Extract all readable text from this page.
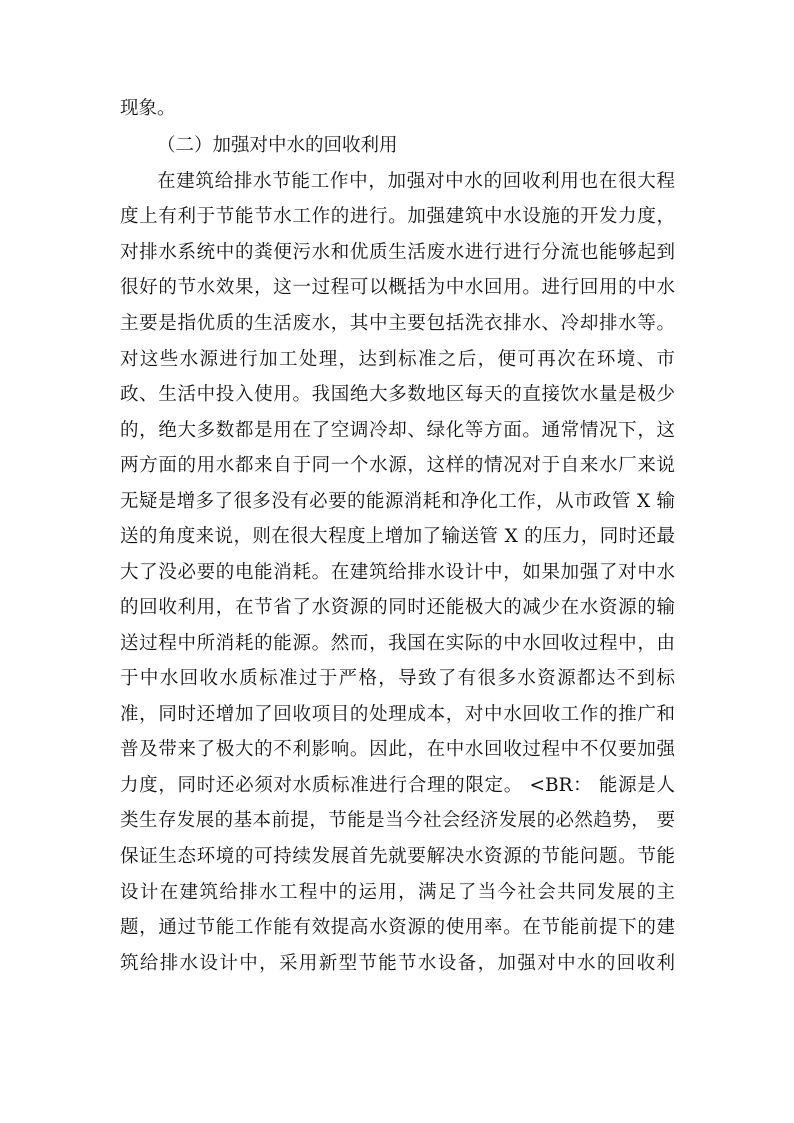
现象。
（二）加强对中水的回收利用
在建筑给排水节能工作中，加强对中水的回收利用也在很大程
度上有利于节能节水工作的进行。加强建筑中水设施的开发力度，
对排水系统中的粪便污水和优质生活废水进行进行分流也能够起到
很好的节水效果，这一过程可以概括为中水回用。进行回用的中水
主要是指优质的生活废水，其中主要包括洗衣排水、冷却排水等。
对这些水源进行加工处理，达到标准之后，便可再次在环境、市
政、生活中投入使用。我国绝大多数地区每天的直接饮水量是极少
的，绝大多数都是用在了空调冷却、绿化等方面。通常情况下，这
两方面的用水都来自于同一个水源，这样的情况对于自来水厂来说
无疑是增多了很多没有必要的能源消耗和净化工作，从市政管 X 输
送的角度来说，则在很大程度上增加了输送管 X 的压力，同时还最
大了没必要的电能消耗。在建筑给排水设计中，如果加强了对中水
的回收利用，在节省了水资源的同时还能极大的减少在水资源的输
送过程中所消耗的能源。然而，我国在实际的中水回收过程中，由
于中水回收水质标准过于严格，导致了有很多水资源都达不到标
准，同时还增加了回收项目的处理成本，对中水回收工作的推广和
普及带来了极大的不利影响。因此，在中水回收过程中不仅要加强
力度，同时还必须对水质标准进行合理的限定。 <BR： 能源是人
类生存发展的基本前提，节能是当今社会经济发展的必然趋势， 要
保证生态环境的可持续发展首先就要解决水资源的节能问题。节能
设计在建筑给排水工程中的运用，满足了当今社会共同发展的主
题，通过节能工作能有效提高水资源的使用率。在节能前提下的建
筑给排水设计中，采用新型节能节水设备，加强对中水的回收利
